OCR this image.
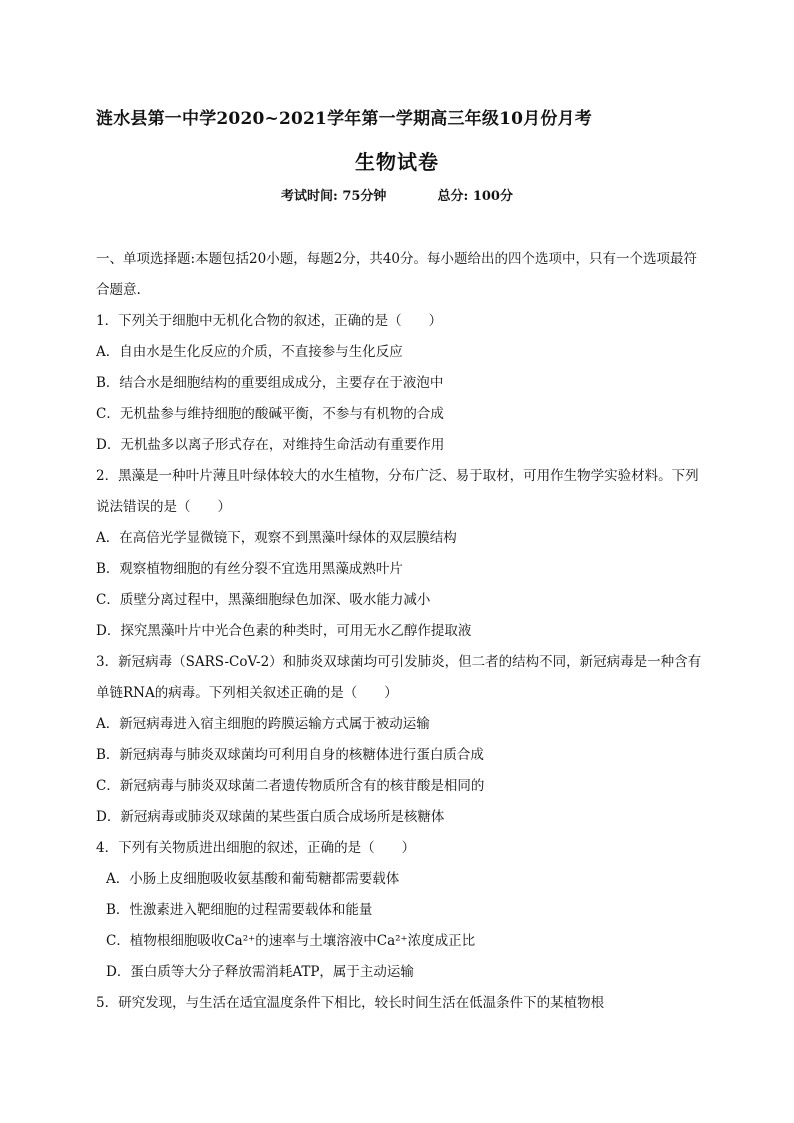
涟水县第一中学2020~2021学年第一学期高三年级10月份月考
生物试卷
考试时间: 75分钟	总分: 100分
一、单项选择题:本题包括20小题，每题2分，共40分。每小题给出的四个选项中，只有一个选项最符合题意.
1．下列关于细胞中无机化合物的叙述，正确的是（　　）
A．自由水是生化反应的介质，不直接参与生化反应
B．结合水是细胞结构的重要组成成分，主要存在于液泡中
C．无机盐参与维持细胞的酸碱平衡，不参与有机物的合成
D．无机盐多以离子形式存在，对维持生命活动有重要作用
2．黑藻是一种叶片薄且叶绿体较大的水生植物，分布广泛、易于取材，可用作生物学实验材料。下列说法错误的是（　　）
A．在高倍光学显微镜下，观察不到黑藻叶绿体的双层膜结构
B．观察植物细胞的有丝分裂不宜选用黑藻成熟叶片
C．质壁分离过程中，黑藻细胞绿色加深、吸水能力减小
D．探究黑藻叶片中光合色素的种类时，可用无水乙醇作提取液
3．新冠病毒（SARS-CoV-2）和肺炎双球菌均可引发肺炎，但二者的结构不同，新冠病毒是一种含有单链RNA的病毒。下列相关叙述正确的是（　　）
A．新冠病毒进入宿主细胞的跨膜运输方式属于被动运输
B．新冠病毒与肺炎双球菌均可利用自身的核糖体进行蛋白质合成
C．新冠病毒与肺炎双球菌二者遗传物质所含有的核苷酸是相同的
D．新冠病毒或肺炎双球菌的某些蛋白质合成场所是核糖体
4．下列有关物质进出细胞的叙述，正确的是（　　）
A．小肠上皮细胞吸收氨基酸和葡萄糖都需要载体
B．性激素进入靶细胞的过程需要载体和能量
C．植物根细胞吸收Ca²⁺的速率与土壤溶液中Ca²⁺浓度成正比
D．蛋白质等大分子释放需消耗ATP，属于主动运输
5．研究发现，与生活在适宜温度条件下相比，较长时间生活在低温条件下的某植物根
